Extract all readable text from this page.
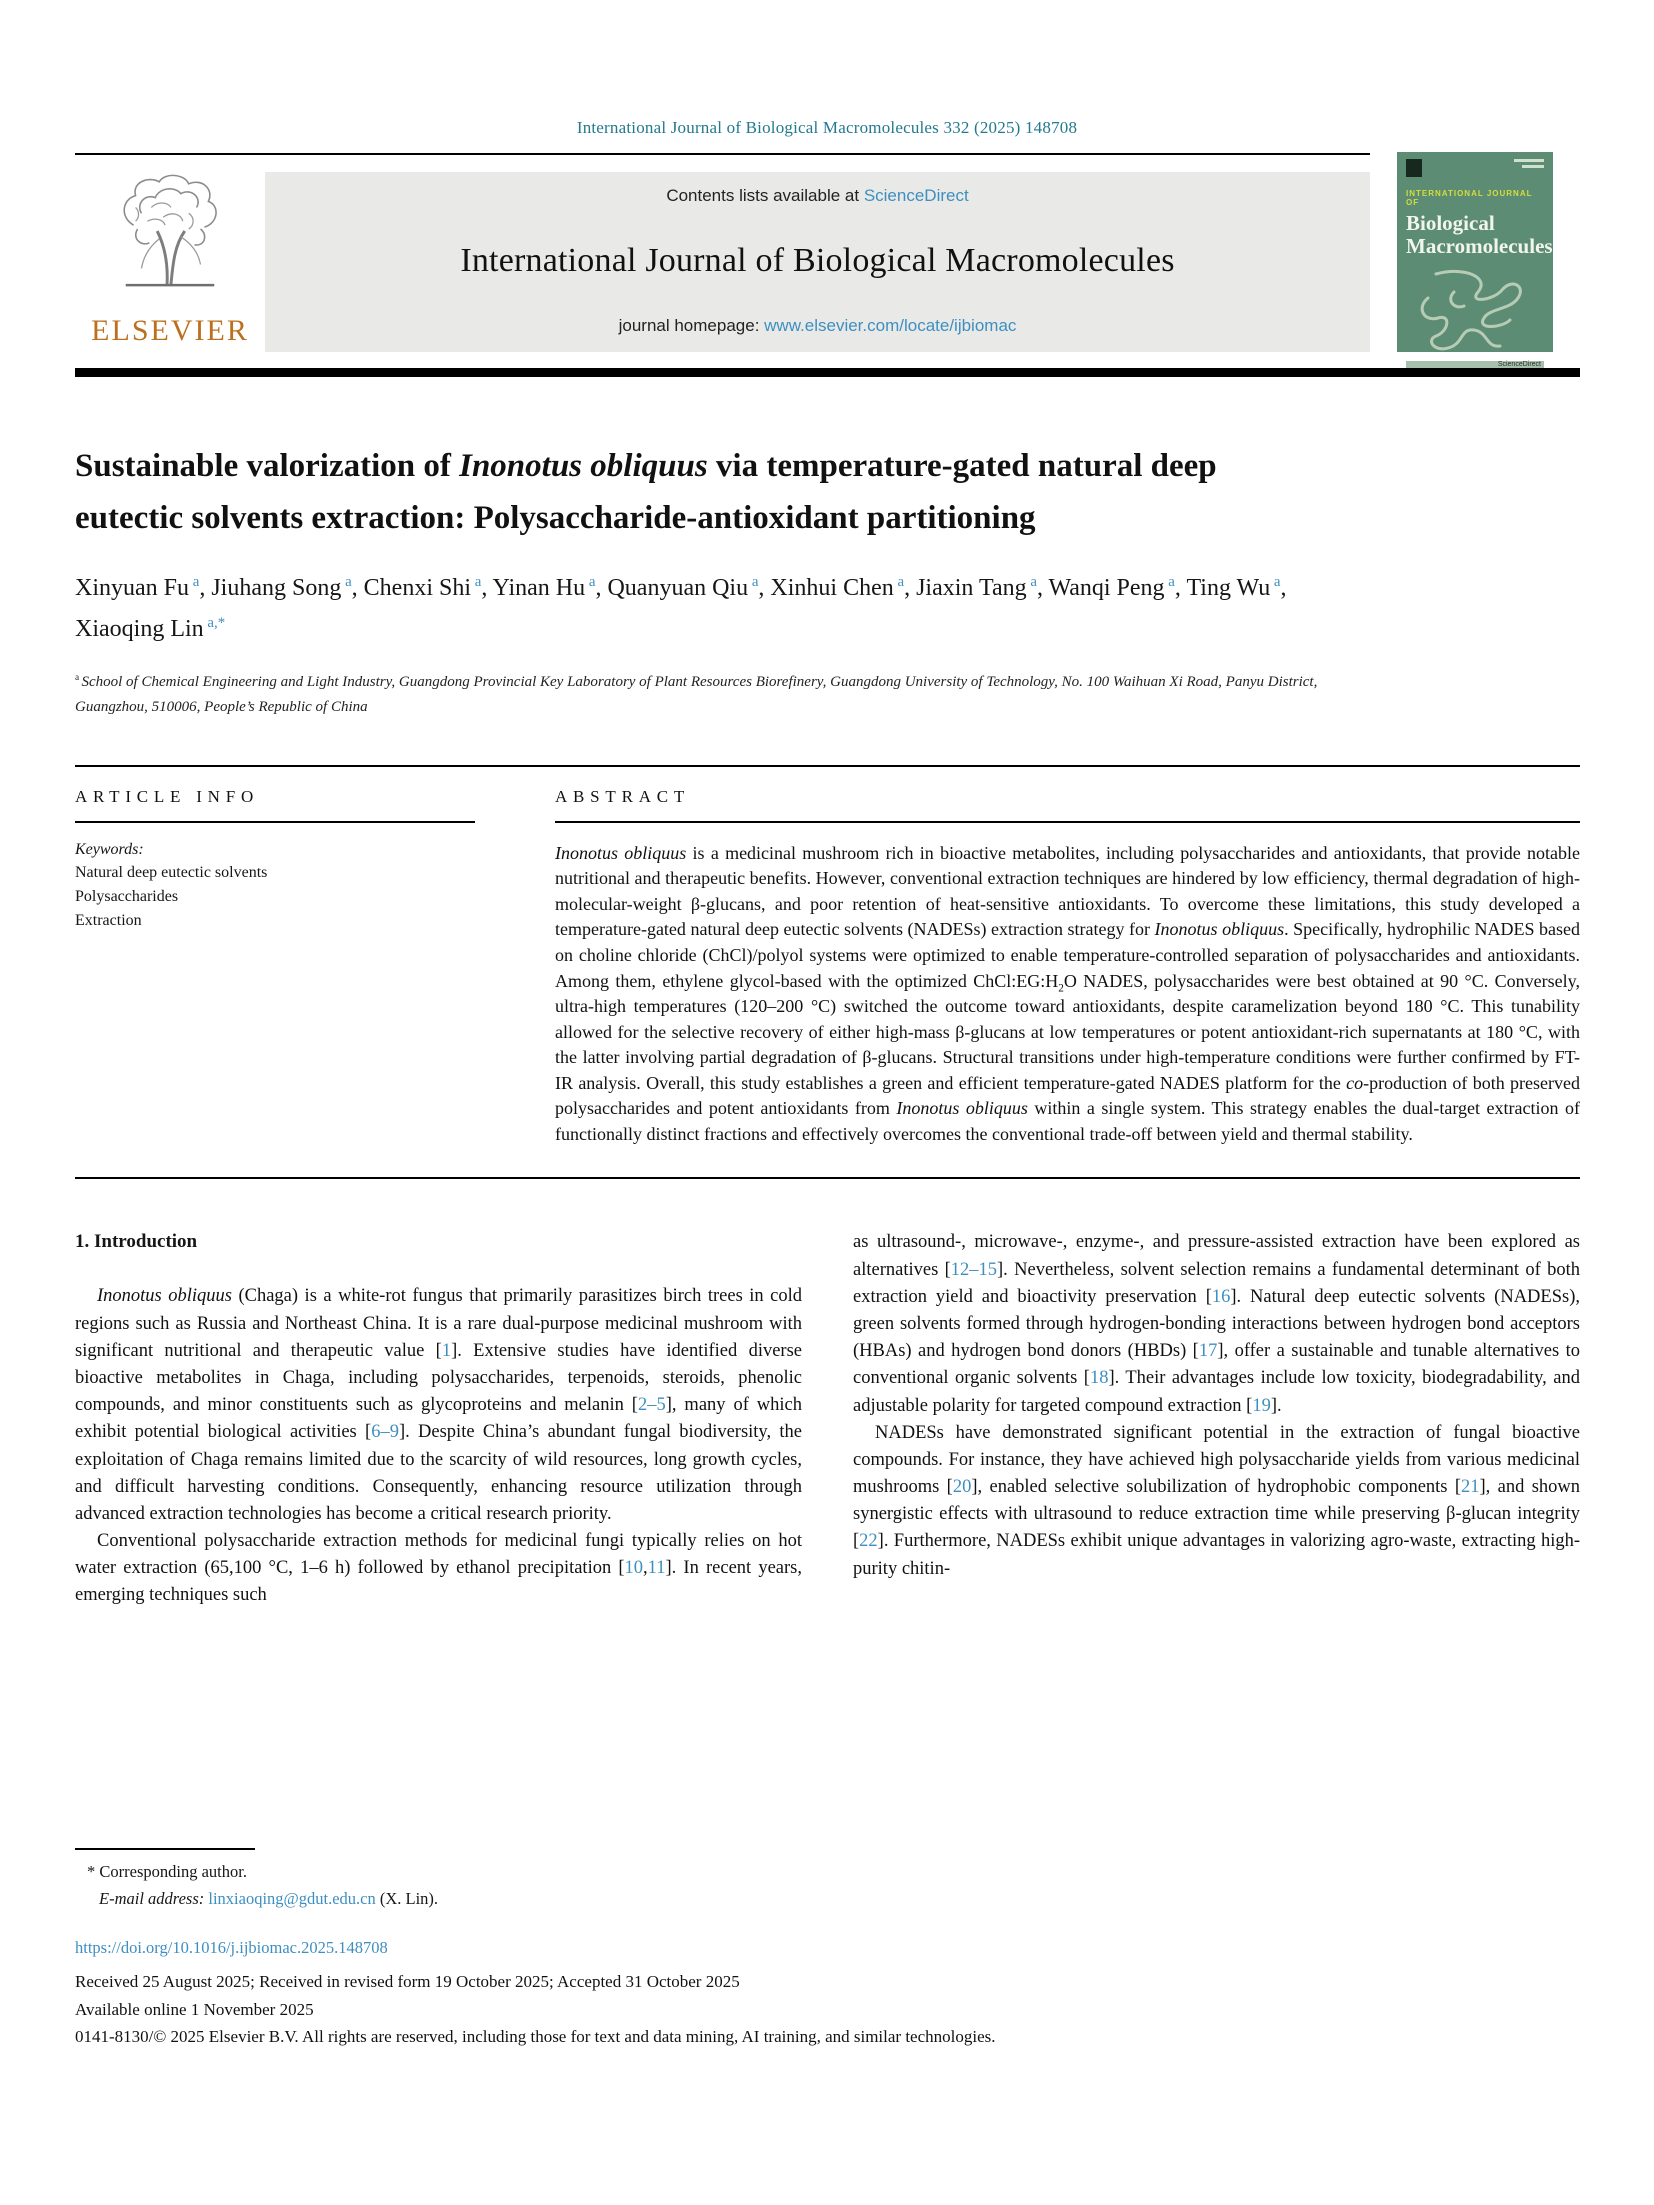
International Journal of Biological Macromolecules 332 (2025) 148708
ELSEVIER
Contents lists available at ScienceDirect
International Journal of Biological Macromolecules
journal homepage: www.elsevier.com/locate/ijbiomac
INTERNATIONAL JOURNAL OF
Biological
Macromolecules
ScienceDirect
Sustainable valorization of Inonotus obliquus via temperature-gated natural deep eutectic solvents extraction: Polysaccharide-antioxidant partitioning
Xinyuan Fu $^a$, Jiuhang Song $^a$, Chenxi Shi $^a$, Yinan Hu $^a$, Quanyuan Qiu $^a$, Xinhui Chen $^a$, Jiaxin Tang $^a$, Wanqi Peng $^a$, Ting Wu $^a$, Xiaoqing Lin $^{a,*}$
$^a$ School of Chemical Engineering and Light Industry, Guangdong Provincial Key Laboratory of Plant Resources Biorefinery, Guangdong University of Technology, No. 100 Waihuan Xi Road, Panyu District, Guangzhou, 510006, People’s Republic of China
ARTICLE INFO
Keywords:
Natural deep eutectic solvents
Polysaccharides
Extraction
ABSTRACT
Inonotus obliquus is a medicinal mushroom rich in bioactive metabolites, including polysaccharides and antioxidants, that provide notable nutritional and therapeutic benefits. However, conventional extraction techniques are hindered by low efficiency, thermal degradation of high-molecular-weight β-glucans, and poor retention of heat-sensitive antioxidants. To overcome these limitations, this study developed a temperature-gated natural deep eutectic solvents (NADESs) extraction strategy for Inonotus obliquus. Specifically, hydrophilic NADES based on choline chloride (ChCl)/polyol systems were optimized to enable temperature-controlled separation of polysaccharides and antioxidants. Among them, ethylene glycol-based with the optimized $ChCl:EG:H_2O$ NADES, polysaccharides were best obtained at 90 °C. Conversely, ultra-high temperatures (120–200 °C) switched the outcome toward antioxidants, despite caramelization beyond 180 °C. This tunability allowed for the selective recovery of either high-mass β-glucans at low temperatures or potent antioxidant-rich supernatants at 180 °C, with the latter involving partial degradation of β-glucans. Structural transitions under high-temperature conditions were further confirmed by FT-IR analysis. Overall, this study establishes a green and efficient temperature-gated NADES platform for the co-production of both preserved polysaccharides and potent antioxidants from Inonotus obliquus within a single system. This strategy enables the dual-target extraction of functionally distinct fractions and effectively overcomes the conventional trade-off between yield and thermal stability.
1. Introduction

Inonotus obliquus (Chaga) is a white-rot fungus that primarily parasitizes birch trees in cold regions such as Russia and Northeast China. It is a rare dual-purpose medicinal mushroom with significant nutritional and therapeutic value [1]. Extensive studies have identified diverse bioactive metabolites in Chaga, including polysaccharides, terpenoids, steroids, phenolic compounds, and minor constituents such as glycoproteins and melanin [2–5], many of which exhibit potential biological activities [6–9]. Despite China’s abundant fungal biodiversity, the exploitation of Chaga remains limited due to the scarcity of wild resources, long growth cycles, and difficult harvesting conditions. Consequently, enhancing resource utilization through advanced extraction technologies has become a critical research priority.

Conventional polysaccharide extraction methods for medicinal fungi typically relies on hot water extraction (65,100 °C, 1–6 h) followed by ethanol precipitation [10,11]. In recent years, emerging techniques such

as ultrasound-, microwave-, enzyme-, and pressure-assisted extraction have been explored as alternatives [12–15]. Nevertheless, solvent selection remains a fundamental determinant of both extraction yield and bioactivity preservation [16]. Natural deep eutectic solvents (NADESs), green solvents formed through hydrogen-bonding interactions between hydrogen bond acceptors (HBAs) and hydrogen bond donors (HBDs) [17], offer a sustainable and tunable alternatives to conventional organic solvents [18]. Their advantages include low toxicity, biodegradability, and adjustable polarity for targeted compound extraction [19].

NADESs have demonstrated significant potential in the extraction of fungal bioactive compounds. For instance, they have achieved high polysaccharide yields from various medicinal mushrooms [20], enabled selective solubilization of hydrophobic components [21], and shown synergistic effects with ultrasound to reduce extraction time while preserving β-glucan integrity [22]. Furthermore, NADESs exhibit unique advantages in valorizing agro-waste, extracting high-purity chitin-

* Corresponding author.
E-mail address: linxiaoqing@gdut.edu.cn (X. Lin).
https://doi.org/10.1016/j.ijbiomac.2025.148708
Received 25 August 2025; Received in revised form 19 October 2025; Accepted 31 October 2025
Available online 1 November 2025
0141-8130/© 2025 Elsevier B.V. All rights are reserved, including those for text and data mining, AI training, and similar technologies.
